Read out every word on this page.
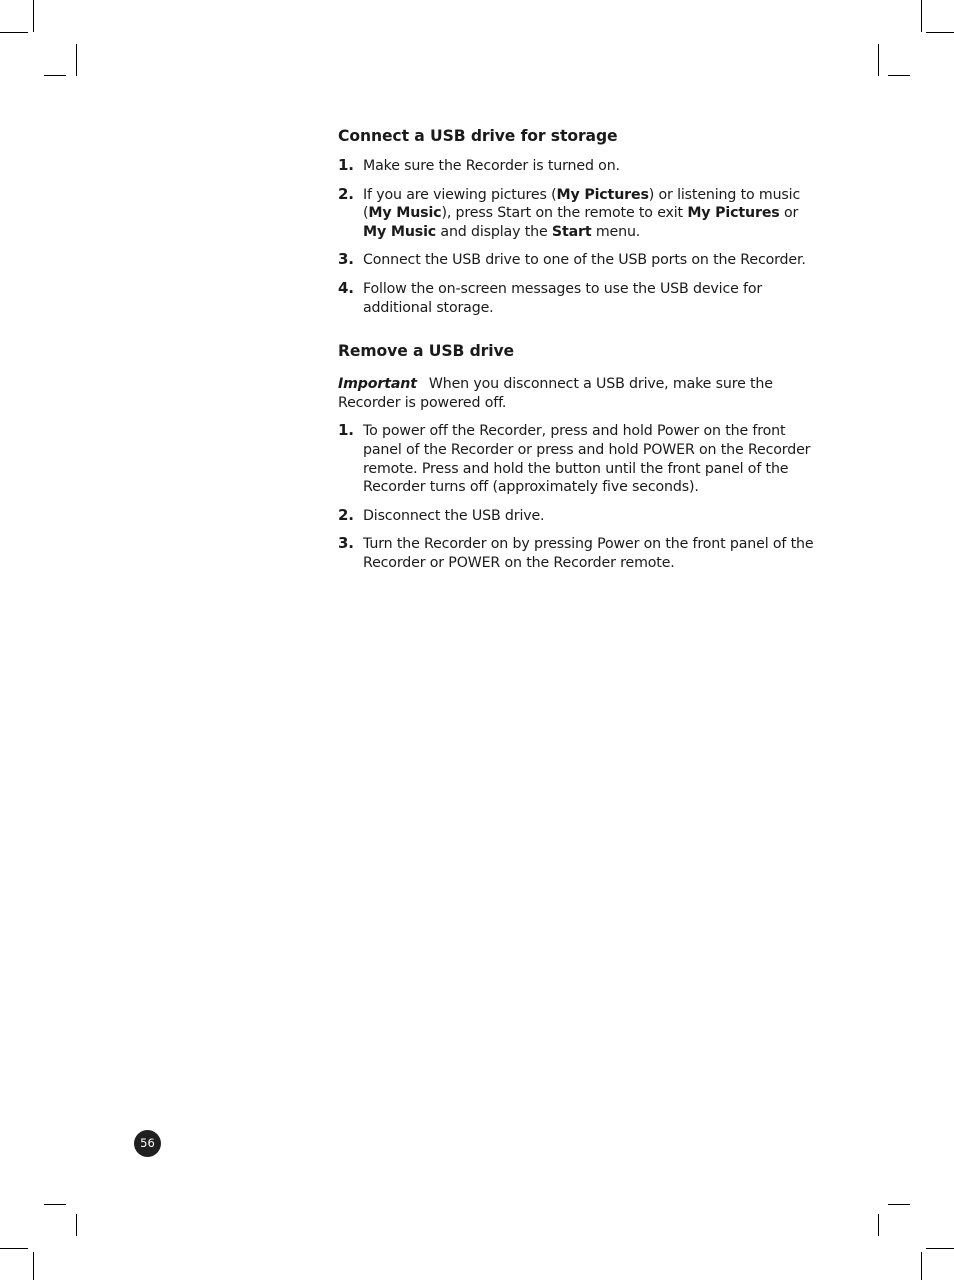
Connect a USB drive for storage
1. Make sure the Recorder is turned on.
2. If you are viewing pictures (My Pictures) or listening to music (My Music), press Start on the remote to exit My Pictures or My Music and display the Start menu.
3. Connect the USB drive to one of the USB ports on the Recorder.
4. Follow the on-screen messages to use the USB device for additional storage.
Remove a USB drive

Important When you disconnect a USB drive, make sure the Recorder is powered off.

1. To power off the Recorder, press and hold Power on the front panel of the Recorder or press and hold POWER on the Recorder remote. Press and hold the button until the front panel of the Recorder turns off (approximately five seconds).
2. Disconnect the USB drive.
3. Turn the Recorder on by pressing Power on the front panel of the Recorder or POWER on the Recorder remote.
56
